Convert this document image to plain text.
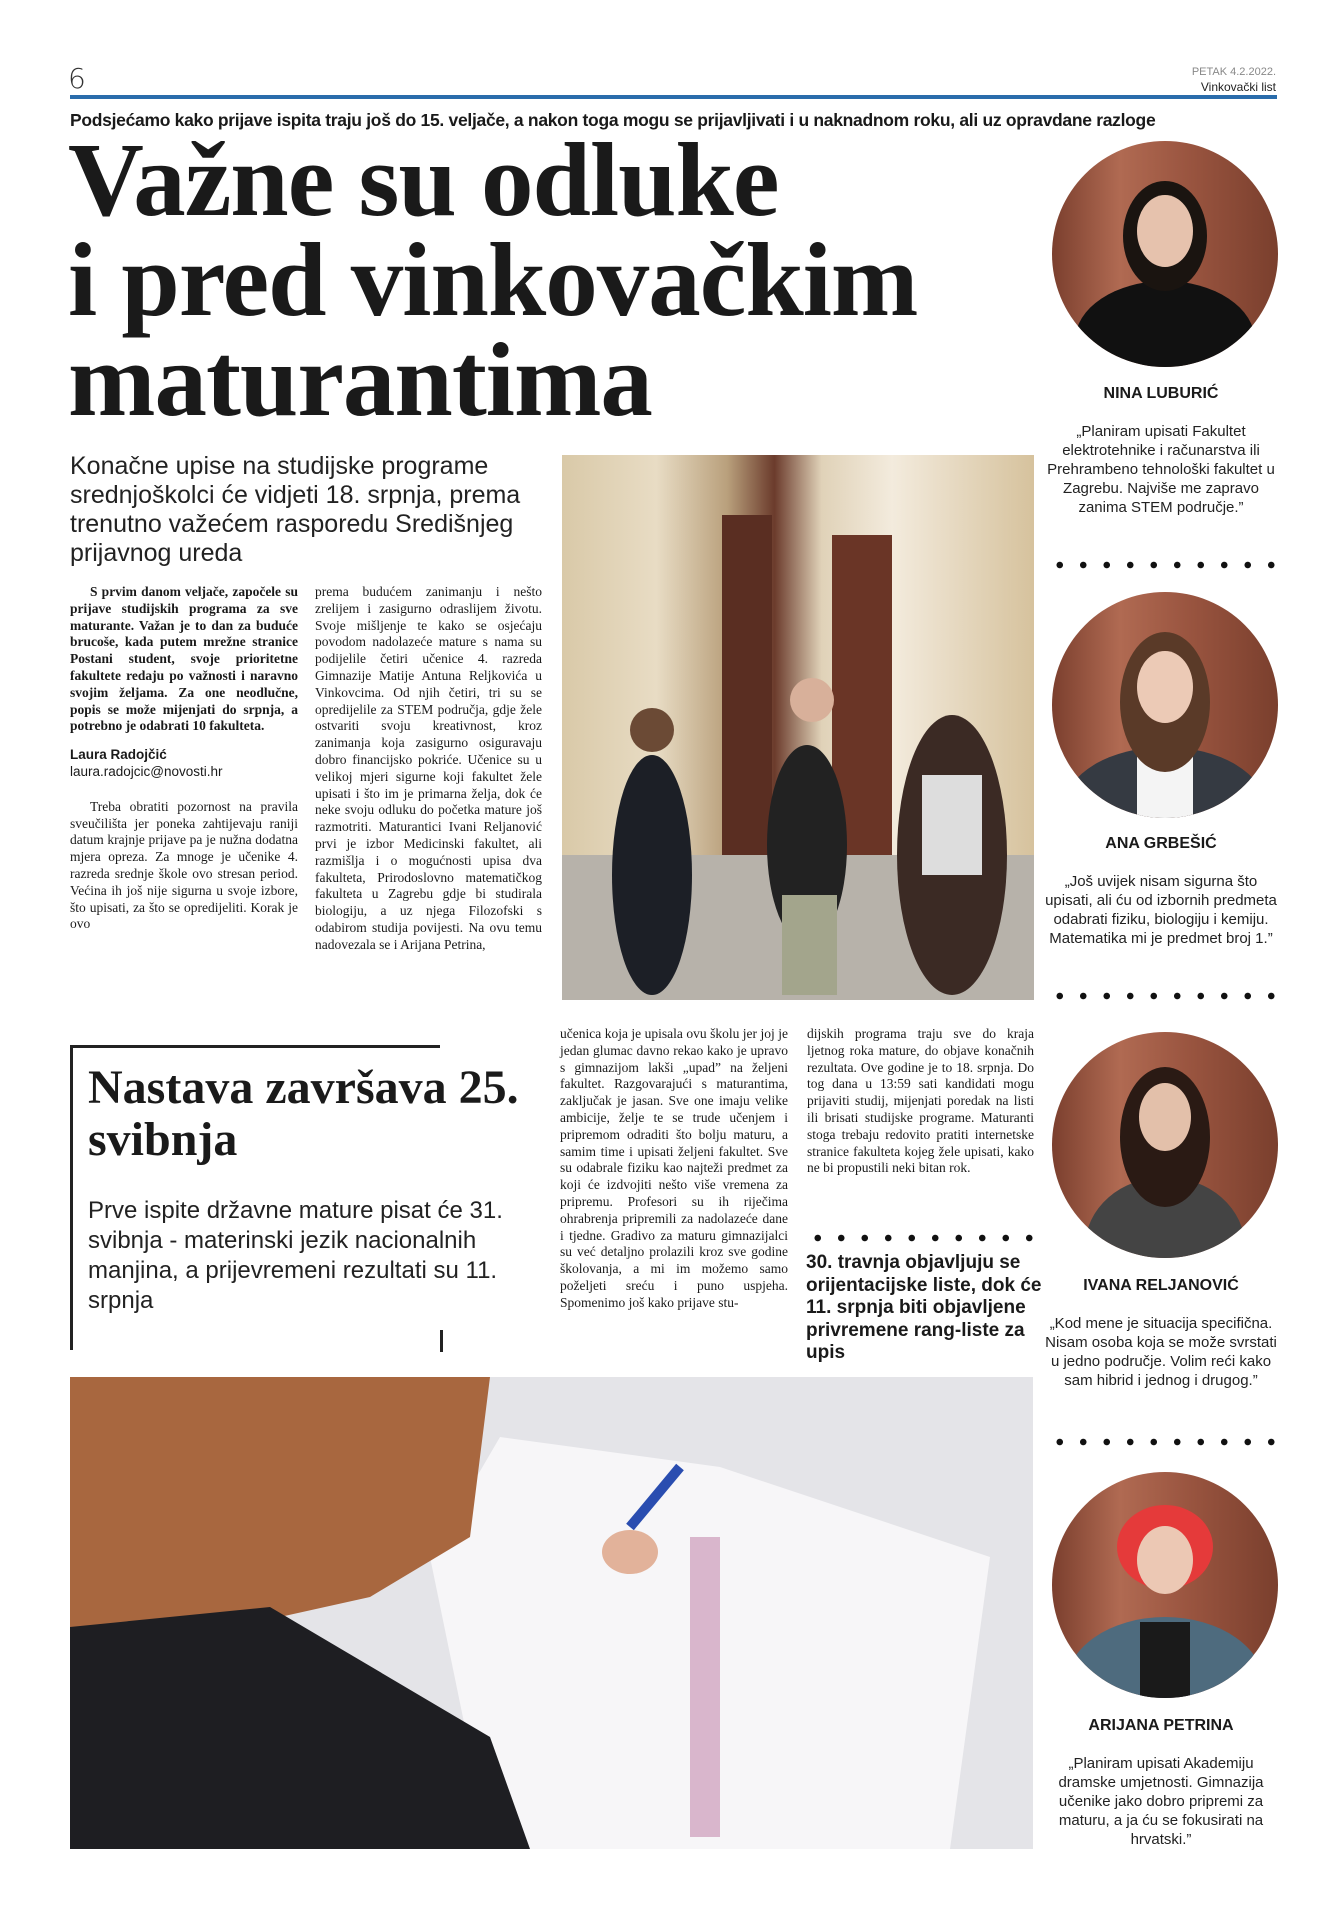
6	PETAK 4.2.2022.
Vinkovački list
Podsjećamo kako prijave ispita traju još do 15. veljače, a nakon toga mogu se prijavljivati i u naknadnom roku, ali uz opravdane razloge
Važne su odluke
i pred vinkovačkim
maturantima
Konačne upise na studijske programe srednjoškolci će vidjeti 18. srpnja, prema trenutno važećem rasporedu Središnjeg prijavnog ureda

S prvim danom veljače, započele su prijave studijskih programa za sve maturante. Važan je to dan za buduće brucoše, kada putem mrežne stranice Postani student, svoje prioritetne fakultete redaju po važnosti i naravno svojim željama. Za one neodlučne, popis se može mijenjati do srpnja, a potrebno je odabrati 10 fakulteta.

Laura Radojčić
laura.radojcic@novosti.hr

Treba obratiti pozornost na pravila sveučilišta jer poneka zahtijevaju raniji datum krajnje prijave pa je nužna dodatna mjera opreza. Za mnoge je učenike 4. razreda srednje škole ovo stresan period. Većina ih još nije sigurna u svoje izbore, što upisati, za što se opredijeliti. Korak je ovo

prema budućem zanimanju i nešto zrelijem i zasigurno odraslijem životu. Svoje mišljenje te kako se osjećaju povodom nadolazeće mature s nama su podijelile četiri učenice 4. razreda Gimnazije Matije Antuna Reljkovića u Vinkovcima. Od njih četiri, tri su se opredijelile za STEM područja, gdje žele ostvariti svoju kreativnost, kroz zanimanja koja zasigurno osiguravaju dobro financijsko pokriće. Učenice su u velikoj mjeri sigurne koji fakultet žele upisati i što im je primarna želja, dok će neke svoju odluku do početka mature još razmotriti. Maturantici Ivani Reljanović prvi je izbor Medicinski fakultet, ali razmišlja i o mogućnosti upisa dva fakulteta, Prirodoslovno matematičkog fakulteta u Zagrebu gdje bi studirala biologiju, a uz njega Filozofski s odabirom studija povijesti. Na ovu temu nadovezala se i Arijana Petrina,

Nastava završava 25. svibnja
Prve ispite državne mature pisat će 31. svibnja - materinski jezik nacionalnih manjina, a prijevremeni rezultati su 11. srpnja

učenica koja je upisala ovu školu jer joj je jedan glumac davno rekao kako je upravo s gimnazijom lakši „upad” na željeni fakultet. Razgovarajući s maturantima, zaključak je jasan. Sve one imaju velike ambicije, želje te se trude učenjem i pripremom odraditi što bolju maturu, a samim time i upisati željeni fakultet. Sve su odabrale fiziku kao najteži predmet za koji će izdvojiti nešto više vremena za pripremu. Profesori su ih riječima ohrabrenja pripremili za nadolazeće dane i tjedne. Gradivo za maturu gimnazijalci su već detaljno prolazili kroz sve godine školovanja, a mi im možemo samo poželjeti sreću i puno uspjeha. Spomenimo još kako prijave stu-

dijskih programa traju sve do kraja ljetnog roka mature, do objave konačnih rezultata. Ove godine je to 18. srpnja. Do tog dana u 13:59 sati kandidati mogu prijaviti studij, mijenjati poredak na listi ili brisati studijske programe. Maturanti stoga trebaju redovito pratiti internetske stranice fakulteta kojeg žele upisati, kako ne bi propustili neki bitan rok.

30. travnja objavljuju se orijentacijske liste, dok će 11. srpnja biti objavljene privremene rang-liste za upis
NINA LUBURIĆ
„Planiram upisati Fakultet elektrotehnike i računarstva ili Prehrambeno tehnološki fakultet u Zagrebu. Najviše me zapravo zanima STEM područje.”
ANA GRBEŠIĆ
„Još uvijek nisam sigurna što upisati, ali ću od izbornih predmeta odabrati fiziku, biologiju i kemiju. Matematika mi je predmet broj 1.”
IVANA RELJANOVIĆ
„Kod mene je situacija specifična. Nisam osoba koja se može svrstati u jedno područje. Volim reći kako sam hibrid i jednog i drugog.”
ARIJANA PETRINA
„Planiram upisati Akademiju dramske umjetnosti. Gimnazija učenike jako dobro pripremi za maturu, a ja ću se fokusirati na hrvatski.”
